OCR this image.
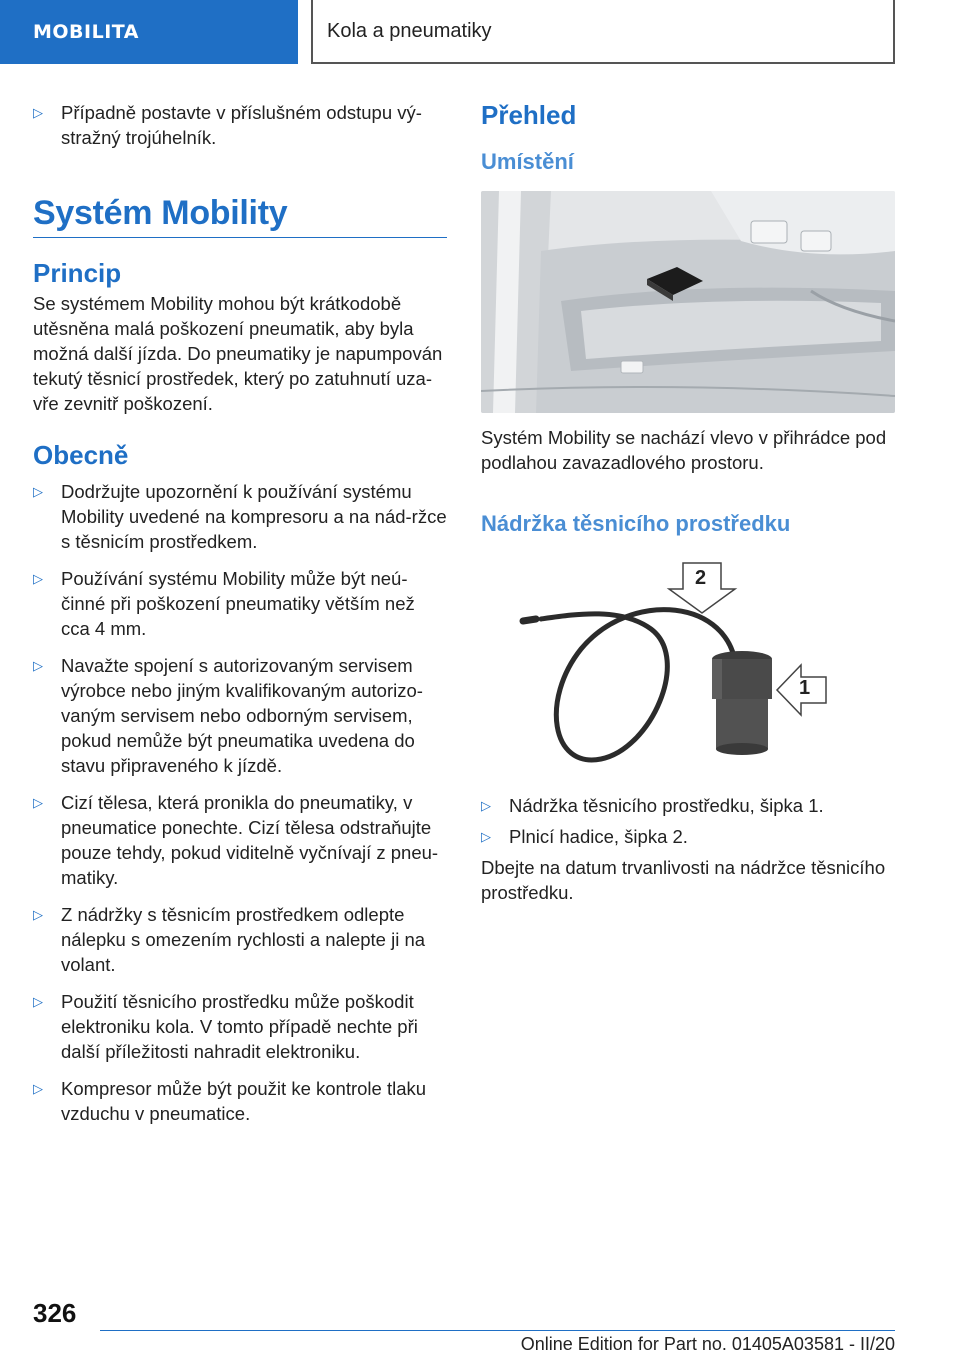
MOBILITA	Kola a pneumatiky
▷ Případně postavte v příslušném odstupu vý-
stražný trojúhelník.
Systém Mobility
Princip

Se systémem Mobility mohou být krátkodobě utěsněna malá poškození pneumatik, aby byla možná další jízda. Do pneumatiky je napumpován tekutý těsnicí prostředek, který po zatuhnutí uza-vře zevnitř poškození.

Obecně
▷ Dodržujte upozornění k používání systému Mobility uvedené na kompresoru a na nád-ržce s těsnicím prostředkem.
▷ Používání systému Mobility může být neú-činné při poškození pneumatiky větším než cca 4 mm.
▷ Navažte spojení s autorizovaným servisem výrobce nebo jiným kvalifikovaným autorizo-vaným servisem nebo odborným servisem, pokud nemůže být pneumatika uvedena do stavu připraveného k jízdě.
▷ Cizí tělesa, která pronikla do pneumatiky, v pneumatice ponechte. Cizí tělesa odstraňujte pouze tehdy, pokud viditelně vyčnívají z pneu-matiky.
▷ Z nádržky s těsnicím prostředkem odlepte nálepku s omezením rychlosti a nalepte ji na volant.
▷ Použití těsnicího prostředku může poškodit elektroniku kola. V tomto případě nechte při další příležitosti nahradit elektroniku.
▷ Kompresor může být použit ke kontrole tlaku vzduchu v pneumatice.
Přehled
Umístění

Systém Mobility se nachází vlevo v přihrádce pod podlahou zavazadlového prostoru.

Nádržka těsnicího prostředku
2
1
▷ Nádržka těsnicího prostředku, šipka 1.
▷ Plnicí hadice, šipka 2.

Dbejte na datum trvanlivosti na nádržce těsnicího prostředku.

326
Online Edition for Part no. 01405A03581 - II/20
